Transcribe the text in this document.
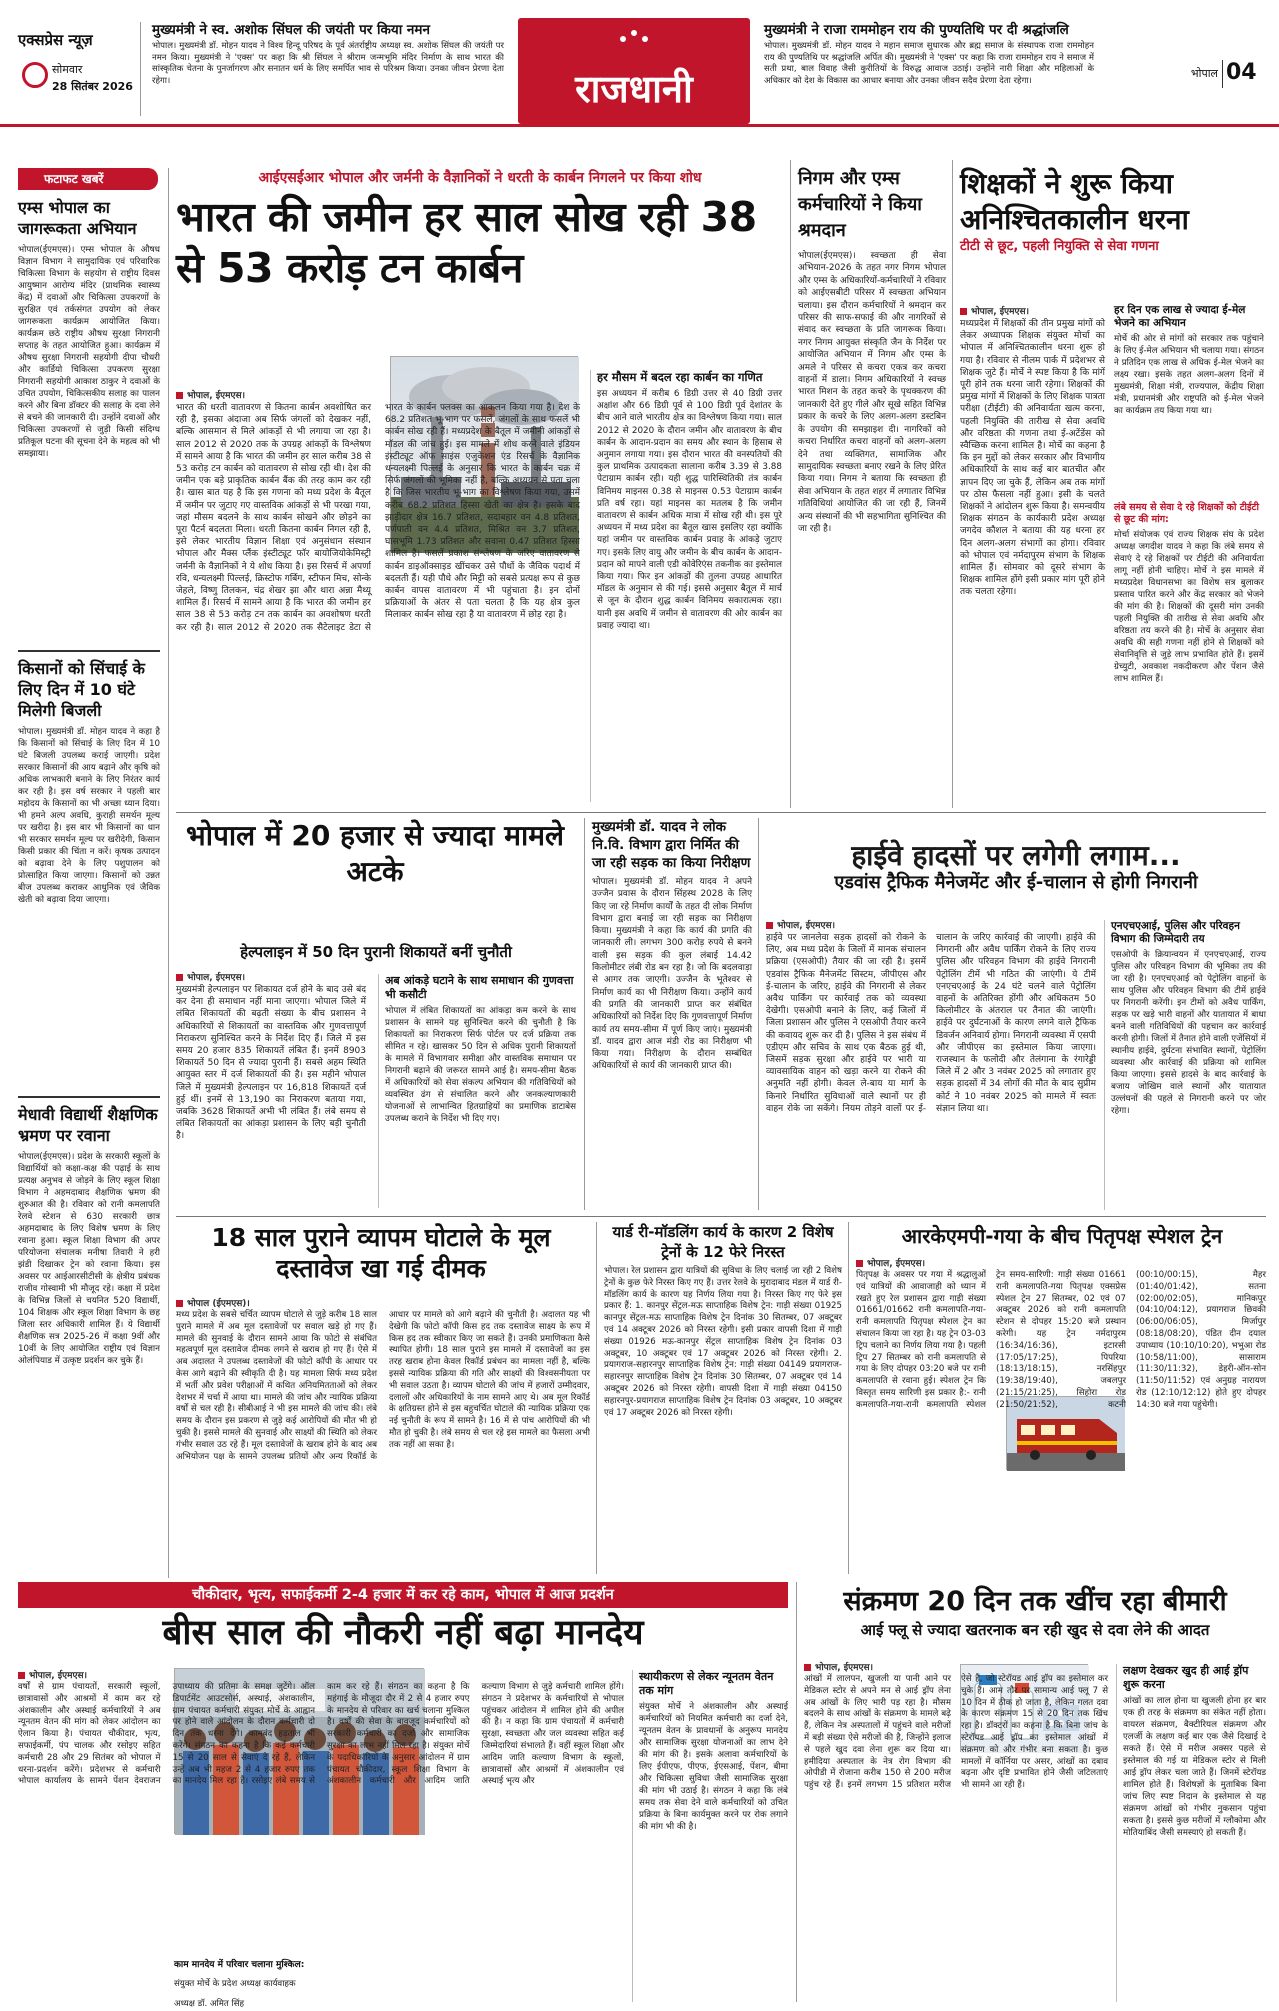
एक्सप्रेस न्यूज़
सोमवार
28 सितंबर 2026
मुख्यमंत्री ने स्व. अशोक सिंघल की जयंती पर किया नमन
भोपाल। मुख्यमंत्री डॉ. मोहन यादव ने विश्व हिन्दू परिषद के पूर्व अंतर्राष्ट्रीय अध्यक्ष स्व. अशोक सिंघल की जयंती पर नमन किया। मुख्यमंत्री ने 'एक्स' पर कहा कि श्री सिंघल ने श्रीराम जन्मभूमि मंदिर निर्माण के साथ भारत की सांस्कृतिक चेतना के पुनर्जागरण और सनातन धर्म के लिए समर्पित भाव से परिश्रम किया। उनका जीवन प्रेरणा देता रहेगा।	राजधानी
मुख्यमंत्री ने राजा राममोहन राय की पुण्यतिथि पर दी श्रद्धांजलि
भोपाल। मुख्यमंत्री डॉ. मोहन यादव ने महान समाज सुधारक और ब्रह्म समाज के संस्थापक राजा राममोहन राय की पुण्यतिथि पर श्रद्धांजलि अर्पित की। मुख्यमंत्री ने 'एक्स' पर कहा कि राजा राममोहन राय ने समाज में सती प्रथा, बाल विवाह जैसी कुरीतियों के विरुद्ध आवाज उठाई। उन्होंने नारी शिक्षा और महिलाओं के अधिकार को देश के विकास का आधार बनाया और उनका जीवन सदैव प्रेरणा देता रहेगा।
भोपाल 04
फटाफट खबरें
एम्स भोपाल का जागरूकता अभियान
भोपाल(ईएमएस)। एम्स भोपाल के औषध विज्ञान विभाग ने सामुदायिक एवं परिवारिक चिकित्सा विभाग के सहयोग से राष्ट्रीय दिवस आयुष्मान आरोग्य मंदिर (प्राथमिक स्वास्थ्य केंद्र) में दवाओं और चिकित्सा उपकरणों के सुरक्षित एवं तर्कसंगत उपयोग को लेकर जागरूकता कार्यक्रम आयोजित किया। कार्यक्रम छठे राष्ट्रीय औषध सुरक्षा निगरानी सप्ताह के तहत आयोजित हुआ। कार्यक्रम में औषध सुरक्षा निगरानी सहयोगी दीपा चौधरी और कार्डियो चिकित्सा उपकरण सुरक्षा निगरानी सहयोगी आकाश ठाकुर ने दवाओं के उचित उपयोग, चिकित्सकीय सलाह का पालन करने और बिना डॉक्टर की सलाह के दवा लेने से बचने की जानकारी दी। उन्होंने दवाओं और चिकित्सा उपकरणों से जुड़ी किसी संदिग्ध प्रतिकूल घटना की सूचना देने के महत्व को भी समझाया।
किसानों को सिंचाई के लिए दिन में 10 घंटे मिलेगी बिजली
भोपाल। मुख्यमंत्री डॉ. मोहन यादव ने कहा है कि किसानों को सिंचाई के लिए दिन में 10 घंटे बिजली उपलब्ध कराई जाएगी। प्रदेश सरकार किसानों की आय बढ़ाने और कृषि को अधिक लाभकारी बनाने के लिए निरंतर कार्य कर रही है। इस वर्ष सरकार ने पहली बार महोदय के किसानों का भी अच्छा ध्यान दिया। भी हमने अल्प अवधि, कुराही समर्थन मूल्य पर खरीदा है। इस बार भी किसानों का धान भी सरकार समर्थन मूल्य पर खरीदेगी, किसान किसी प्रकार की चिंता न करें। कृषक उत्पादन को बढ़ावा देने के लिए पशुपालन को प्रोत्साहित किया जाएगा। किसानों को उन्नत बीज उपलब्ध कराकर आधुनिक एवं जैविक खेती को बढ़ावा दिया जाएगा।
मेधावी विद्यार्थी शैक्षणिक भ्रमण पर रवाना
भोपाल(ईएमएस)। प्रदेश के सरकारी स्कूलों के विद्यार्थियों को कक्षा-कक्ष की पढ़ाई के साथ प्रत्यक्ष अनुभव से जोड़ने के लिए स्कूल शिक्षा विभाग ने अहमदाबाद शैक्षणिक भ्रमण की शुरुआत की है। रविवार को रानी कमलापति रेलवे स्टेशन से 630 सरकारी छात्र अहमदाबाद के लिए विशेष भ्रमण के लिए रवाना हुआ। स्कूल शिक्षा विभाग की अपर परियोजना संचालक मनीषा तिवारी ने हरी झंडी दिखाकर ट्रेन को रवाना किया। इस अवसर पर आईआरसीटीसी के क्षेत्रीय प्रबंधक राजीव गोस्वामी भी मौजूद रहे। कक्षा में प्रदेश के विभिन्न जिलों से चयनित 520 विद्यार्थी, 104 शिक्षक और स्कूल शिक्षा विभाग के छह जिला स्तर अधिकारी शामिल हैं। ये विद्यार्थी शैक्षणिक सत्र 2025-26 में कक्षा 9वीं और 10वीं के लिए आयोजित राष्ट्रीय एवं विज्ञान ओलंपियाड में उत्कृष्ट प्रदर्शन कर चुके हैं।
आईएसईआर भोपाल और जर्मनी के वैज्ञानिकों ने धरती के कार्बन निगलने पर किया शोध
भारत की जमीन हर साल सोख रही 38 से 53 करोड़ टन कार्बन
भोपाल, ईएमएस।
भारत की धरती वातावरण से कितना कार्बन अवशोषित कर रही है, इसका अंदाजा अब सिर्फ जंगलों को देखकर नहीं, बल्कि आसमान से मिले आंकड़ों से भी लगाया जा रहा है। साल 2012 से 2020 तक के उपग्रह आंकड़ों के विश्लेषण में सामने आया है कि भारत की जमीन हर साल करीब 38 से 53 करोड़ टन कार्बन को वातावरण से सोख रही थी। देश की जमीन एक बड़े प्राकृतिक कार्बन बैंक की तरह काम कर रही है। खास बात यह है कि इस गणना को मध्य प्रदेश के बैतूल में जमीन पर जुटाए गए वास्तविक आंकड़ों से भी परखा गया, जहां मौसम बदलने के साथ कार्बन सोखने और छोड़ने का पूरा पैटर्न बदलता मिला। धरती कितना कार्बन निगल रही है, इसे लेकर भारतीय विज्ञान शिक्षा एवं अनुसंधान संस्थान भोपाल और मैक्स प्लैंक इंस्टीट्यूट फॉर बायोजियोकेमिस्ट्री जर्मनी के वैज्ञानिकों ने ये शोध किया है। इस रिसर्च में अपर्णा रवि, धन्यलक्ष्मी पिल्लई, क्रिस्टोफ गर्बिग, स्टीफन मिच, सोन्के जेहले, विष्णु तिलकन, चंद्र शेखर झा और थारा अन्ना मैथ्यू शामिल हैं। रिसर्च में सामने आया है कि भारत की जमीन हर साल 38 से 53 करोड़ टन तक कार्बन का अवशोषण धरती कर रही है। साल 2012 से 2020 तक सैटेलाइट डेटा से भारत के कार्बन फ्लक्स का आकलन किया गया है। देश के 68.2 प्रतिशत भू-भाग पर फसलें, जंगलों के साथ फसलें भी कार्बन सोख रही हैं। मध्यप्रदेश के बैतूल में जमीनी आंकड़ों से मॉडल की जांच हुई। इस मामले में शोध करने वाले इंडियन इंस्टीट्यूट ऑफ साइंस एजुकेशन एंड रिसर्च के वैज्ञानिक धन्यलक्ष्मी पिल्लई के अनुसार कि भारत के कार्बन चक्र में सिर्फ जंगलों की भूमिका नहीं है, बल्कि अध्ययन से पता चला है कि जिस भारतीय भू-भाग का विश्लेषण किया गया, उसमें करीब 68.2 प्रतिशत हिस्सा खेती का क्षेत्र है। इसके बाद झाड़ीदार क्षेत्र 16.7 प्रतिशत, सदाबहार वन 4.8 प्रतिशत, पर्णपाती वन 4.4 प्रतिशत, मिश्रित वन 3.7 प्रतिशत, घासभूमि 1.73 प्रतिशत और सवाना 0.47 प्रतिशत हिस्सा शामिल है। फसलें प्रकाश संश्लेषण के जरिए वातावरण से कार्बन डाइऑक्साइड खींचकर उसे पौधों के जैविक पदार्थ में बदलती हैं। यही पौधे और मिट्टी को सबसे प्रत्यक्ष रूप से कुछ कार्बन वापस वातावरण में भी पहुंचाता है। इन दोनों प्रक्रियाओं के अंतर से पता चलता है कि यह क्षेत्र कुल मिलाकर कार्बन सोख रहा है या वातावरण में छोड़ रहा है।
हर मौसम में बदल रहा कार्बन का गणित
इस अध्ययन में करीब 6 डिग्री उत्तर से 40 डिग्री उत्तर अक्षांश और 66 डिग्री पूर्व से 100 डिग्री पूर्व देशांतर के बीच आने वाले भारतीय क्षेत्र का विश्लेषण किया गया। साल 2012 से 2020 के दौरान जमीन और वातावरण के बीच कार्बन के आदान-प्रदान का समय और स्थान के हिसाब से अनुमान लगाया गया। इस दौरान भारत की वनस्पतियों की कुल प्राथमिक उत्पादकता सालाना करीब 3.39 से 3.88 पेटाग्राम कार्बन रही। यही शुद्ध पारिस्थितिकी तंत्र कार्बन विनिमय माइनस 0.38 से माइनस 0.53 पेटाग्राम कार्बन प्रति वर्ष रहा। यहां माइनस का मतलब है कि जमीन वातावरण से कार्बन अधिक मात्रा में सोख रही थी। इस पूरे अध्ययन में मध्य प्रदेश का बैतूल खास इसलिए रहा क्योंकि यहां जमीन पर वास्तविक कार्बन प्रवाह के आंकड़े जुटाए गए। इसके लिए वायु और जमीन के बीच कार्बन के आदान-प्रदान को मापने वाली एडी कोवेरिएंस तकनीक का इस्तेमाल किया गया। फिर इन आंकड़ों की तुलना उपग्रह आधारित मॉडल के अनुमान से की गई। इससे अनुसार बैतूल में मार्च से जून के दौरान शुद्ध कार्बन विनिमय सकारात्मक रहा। यानी इस अवधि में जमीन से वातावरण की ओर कार्बन का प्रवाह ज्यादा था।
निगम और एम्स कर्मचारियों ने किया श्रमदान
भोपाल(ईएमएस)। स्वच्छता ही सेवा अभियान-2026 के तहत नगर निगम भोपाल और एम्स के अधिकारियों-कर्मचारियों ने रविवार को आईएसबीटी परिसर में स्वच्छता अभियान चलाया। इस दौरान कर्मचारियों ने श्रमदान कर परिसर की साफ-सफाई की और नागरिकों से संवाद कर स्वच्छता के प्रति जागरूक किया। नगर निगम आयुक्त संस्कृति जैन के निर्देश पर आयोजित अभियान में निगम और एम्स के अमले ने परिसर से कचरा एकत्र कर कचरा वाहनों में डाला। निगम अधिकारियों ने स्वच्छ भारत मिशन के तहत कचरे के पृथक्करण की जानकारी देते हुए गीले और सूखे सहित विभिन्न प्रकार के कचरे के लिए अलग-अलग डस्टबिन के उपयोग की समझाइश दी। नागरिकों को कचरा निर्धारित कचरा वाहनों को अलग-अलग देने तथा व्यक्तिगत, सामाजिक और सामुदायिक स्वच्छता बनाए रखने के लिए प्रेरित किया गया। निगम ने बताया कि स्वच्छता ही सेवा अभियान के तहत शहर में लगातार विभिन्न गतिविधियां आयोजित की जा रही हैं, जिनमें अन्य संस्थानों की भी सहभागिता सुनिश्चित की जा रही है।
शिक्षकों ने शुरू किया अनिश्चितकालीन धरना
टीटी से छूट, पहली नियुक्ति से सेवा गणना
भोपाल, ईएमएस।
मध्यप्रदेश में शिक्षकों की तीन प्रमुख मांगों को लेकर अध्यापक शिक्षक संयुक्त मोर्चा का भोपाल में अनिश्चितकालीन धरना शुरू हो गया है। रविवार से नीलम पार्क में प्रदेशभर से शिक्षक जुटे हैं। मोर्चे ने स्पष्ट किया है कि मांगें पूरी होने तक धरना जारी रहेगा। शिक्षकों की प्रमुख मांगों में शिक्षकों के लिए शिक्षक पात्रता परीक्षा (टीईटी) की अनिवार्यता खत्म करना, पहली नियुक्ति की तारीख से सेवा अवधि और वरिष्ठता की गणना तथा ई-अटेंडेंस को स्वैच्छिक करना शामिल है। मोर्चे का कहना है कि इन मुद्दों को लेकर सरकार और विभागीय अधिकारियों के साथ कई बार बातचीत और ज्ञापन दिए जा चुके हैं, लेकिन अब तक मांगों पर ठोस फैसला नहीं हुआ। इसी के चलते शिक्षकों ने आंदोलन शुरू किया है। समन्वयीय शिक्षक संगठन के कार्यकारी प्रदेश अध्यक्ष जगदेव कौशल ने बताया की यह धरना हर दिन अलग-अलग संभागों का होगा। रविवार को भोपाल एवं नर्मदापुरम संभाग के शिक्षक शामिल हैं। सोमवार को दूसरे संभाग के शिक्षक शामिल होंगे इसी प्रकार मांग पूरी होने तक चलता रहेगा।
हर दिन एक लाख से ज्यादा ई-मेल भेजने का अभियान
मोर्चे की ओर से मांगों को सरकार तक पहुंचाने के लिए ई-मेल अभियान भी चलाया गया। संगठन ने प्रतिदिन एक लाख से अधिक ई-मेल भेजने का लक्ष्य रखा। इसके तहत अलग-अलग दिनों में मुख्यमंत्री, शिक्षा मंत्री, राज्यपाल, केंद्रीय शिक्षा मंत्री, प्रधानमंत्री और राष्ट्रपति को ई-मेल भेजने का कार्यक्रम तय किया गया था।
लंबे समय से सेवा दे रहे शिक्षकों को टीईटी से छूट की मांग:
मोर्चा संयोजक एवं राज्य शिक्षक संघ के प्रदेश अध्यक्ष जगदीश यादव ने कहा कि लंबे समय से सेवाएं दे रहे शिक्षकों पर टीईटी की अनिवार्यता लागू नहीं होनी चाहिए। मोर्चे ने इस मामले में मध्यप्रदेश विधानसभा का विशेष सत्र बुलाकर प्रस्ताव पारित करने और केंद्र सरकार को भेजने की मांग की है। शिक्षकों की दूसरी मांग उनकी पहली नियुक्ति की तारीख से सेवा अवधि और वरिष्ठता तय करने की है। मोर्चे के अनुसार सेवा अवधि की सही गणना नहीं होने से शिक्षकों को सेवानिवृत्ति से जुड़े लाभ प्रभावित होते हैं। इसमें ग्रेच्युटी, अवकाश नकदीकरण और पेंशन जैसे लाभ शामिल हैं।
भोपाल में 20 हजार से ज्यादा मामले अटके
हेल्पलाइन में 50 दिन पुरानी शिकायतें बनीं चुनौती
भोपाल, ईएमएस।
मुख्यमंत्री हेल्पलाइन पर शिकायत दर्ज होने के बाद उसे बंद कर देना ही समाधान नहीं माना जाएगा। भोपाल जिले में लंबित शिकायतों की बढ़ती संख्या के बीच प्रशासन ने अधिकारियों से शिकायतों का वास्तविक और गुणवत्तापूर्ण निराकरण सुनिश्चित करने के निर्देश दिए हैं। जिले में इस समय 20 हजार 835 शिकायतें लंबित हैं। इनमें 8903 शिकायतें 50 दिन से ज्यादा पुरानी हैं। सबसे अहम स्थिति आयुक्त स्तर में दर्ज शिकायतों की है। इस महीने भोपाल जिले में मुख्यमंत्री हेल्पलाइन पर 16,818 शिकायतें दर्ज हुई थीं। इनमें से 13,190 का निराकरण बताया गया, जबकि 3628 शिकायतें अभी भी लंबित हैं। लंबे समय से लंबित शिकायतों का आंकड़ा प्रशासन के लिए बड़ी चुनौती है।
अब आंकड़े घटाने के साथ समाधान की गुणवत्ता भी कसौटी
भोपाल में लंबित शिकायतों का आंकड़ा कम करने के साथ प्रशासन के सामने यह सुनिश्चित करने की चुनौती है कि शिकायतों का निराकरण सिर्फ पोर्टल पर दर्ज प्रक्रिया तक सीमित न रहे। खासकर 50 दिन से अधिक पुरानी शिकायतों के मामले में विभागवार समीक्षा और वास्तविक समाधान पर निगरानी बढ़ाने की जरूरत सामने आई है। समय-सीमा बैठक में अधिकारियों को सेवा संकल्प अभियान की गतिविधियों को व्यवस्थित ढंग से संचालित करने और जनकल्याणकारी योजनाओं से लाभान्वित हितग्राहियों का प्रमाणिक डाटाबेस उपलब्ध कराने के निर्देश भी दिए गए।
मुख्यमंत्री डॉ. यादव ने लोक नि.वि. विभाग द्वारा निर्मित की जा रही सड़क का किया निरीक्षण
भोपाल। मुख्यमंत्री डॉ. मोहन यादव ने अपने उज्जैन प्रवास के दौरान सिंहस्थ 2028 के लिए किए जा रहे निर्माण कार्यों के तहत दी लोक निर्माण विभाग द्वारा बनाई जा रही सड़क का निरीक्षण किया। मुख्यमंत्री ने कहा कि कार्य की प्रगति की जानकारी ली। लगभग 300 करोड़ रुपये से बनने वाली इस सड़क की कुल लंबाई 14.42 किलोमीटर लंबी रोड बन रहा है। जो कि बदलवाड़ा से आगर तक जाएगी। उज्जैन के भूतेश्वर से निर्माण कार्य का भी निरीक्षण किया। उन्होंने कार्य की प्रगति की जानकारी प्राप्त कर संबंधित अधिकारियों को निर्देश दिए कि गुणवत्तापूर्ण निर्माण कार्य तय समय-सीमा में पूर्ण किए जाएं। मुख्यमंत्री डॉ. यादव द्वारा आज मंडी रोड का निरीक्षण भी किया गया। निरीक्षण के दौरान सम्बंधित अधिकारियों से कार्य की जानकारी प्राप्त की।
हाईवे हादसों पर लगेगी लगाम...
एडवांस ट्रैफिक मैनेजमेंट और ई-चालान से होगी निगरानी
भोपाल, ईएमएस।
हाईवे पर जानलेवा सड़क हादसों को रोकने के लिए, अब मध्य प्रदेश के जिलों में मानक संचालन प्रक्रिया (एसओपी) तैयार की जा रही है। इसमें एडवांस ट्रैफिक मैनेजमेंट सिस्टम, जीपीएस और ई-चालान के जरिए, हाईवे की निगरानी से लेकर अवैध पार्किंग पर कार्रवाई तक को व्यवस्था देखेगी। एसओपी बनाने के लिए, कई जिलों में जिला प्रशासन और पुलिस ने एसओपी तैयार करने की कवायद शुरू कर दी है। पुलिस ने इस संबंध में एडीएम और सचिव के साथ एक बैठक हुई थी, जिसमें सड़क सुरक्षा और हाईवे पर भारी या व्यावसायिक वाहन को खड़ा करने या रोकने की अनुमति नहीं होगी। केवल ले-बाय या मार्ग के किनारे निर्धारित सुविधाओं वाले स्थानों पर ही वाहन रोके जा सकेंगे। नियम तोड़ने वालों पर ई-चालान के जरिए कार्रवाई की जाएगी। हाईवे की निगरानी और अवैध पार्किंग रोकने के लिए राज्य पुलिस और परिवहन विभाग की हाईवे निगरानी पेट्रोलिंग टीमें भी गठित की जाएंगी। ये टीमें एनएचएआई के 24 घंटे चलने वाले पेट्रोलिंग वाहनों के अतिरिक्त होंगी और अधिकतम 50 किलोमीटर के अंतराल पर तैनात की जाएंगी। हाईवे पर दुर्घटनाओं के कारण लगने वाले ट्रैफिक डिवर्जन अनिवार्य होगा। निगरानी व्यवस्था में एसपी और जीपीएस का इस्तेमाल किया जाएगा। राजस्थान के फलोदी और तेलंगाना के रंगारेड्डी जिले में 2 और 3 नवंबर 2025 को लगातार हुए सड़क हादसों में 34 लोगों की मौत के बाद सुप्रीम कोर्ट ने 10 नवंबर 2025 को मामले में स्वतः संज्ञान लिया था।
एनएचएआई, पुलिस और परिवहन विभाग की जिम्मेदारी तय
एसओपी के क्रियान्वयन में एनएचएआई, राज्य पुलिस और परिवहन विभाग की भूमिका तय की जा रही है। एनएचएआई को पेट्रोलिंग वाहनों के साथ पुलिस और परिवहन विभाग की टीमें हाईवे पर निगरानी करेंगी। इन टीमों को अवैध पार्किंग, सड़क पर खड़े भारी वाहनों और यातायात में बाधा बनने वाली गतिविधियों की पहचान कर कार्रवाई करनी होगी। जिलों में तैनात होने वाली एजेंसियों में स्थानीय हाईवे, दुर्घटना संभावित स्थानों, पेट्रोलिंग व्यवस्था और कार्रवाई की प्रक्रिया को शामिल किया जाएगा। इससे हादसे के बाद कार्रवाई के बजाय जोखिम वाले स्थानों और यातायात उल्लंघनों की पहले से निगरानी करने पर जोर रहेगा।
18 साल पुराने व्यापम घोटाले के मूल दस्तावेज खा गई दीमक
भोपाल (ईएमएस)।
मध्य प्रदेश के सबसे चर्चित व्यापम घोटाले से जुड़े करीब 18 साल पुराने मामले में अब मूल दस्तावेजों पर सवाल खड़े हो गए हैं। मामले की सुनवाई के दौरान सामने आया कि फोटो से संबंधित महत्वपूर्ण मूल दस्तावेज दीमक लगने से खराब हो गए हैं। ऐसे में अब अदालत ने उपलब्ध दस्तावेजों की फोटो कॉपी के आधार पर केस आगे बढ़ाने की स्वीकृति दी है। यह मामला सिर्फ मध्य प्रदेश में भर्ती और प्रवेश परीक्षाओं में कथित अनियमितताओं को लेकर देशभर में चर्चा में आया था। मामले की जांच और न्यायिक प्रक्रिया वर्षों से चल रही है। सीबीआई ने भी इस मामले की जांच की। लंबे समय के दौरान इस प्रकरण से जुड़े कई आरोपियों की मौत भी हो चुकी है। इससे मामले की सुनवाई और साक्ष्यों की स्थिति को लेकर गंभीर सवाल उठ रहे हैं। मूल दस्तावेजों के खराब होने के बाद अब अभियोजन पक्ष के सामने उपलब्ध प्रतियों और अन्य रिकॉर्ड के आधार पर मामले को आगे बढ़ाने की चुनौती है। अदालत यह भी देखेगी कि फोटो कॉपी किस हद तक दस्तावेज साक्ष्य के रूप में किस हद तक स्वीकार किए जा सकते हैं। उनकी प्रमाणिकता कैसे स्थापित होगी। 18 साल पुराने इस मामले में दस्तावेजों का इस तरह खराब होना केवल रिकॉर्ड प्रबंधन का मामला नहीं है, बल्कि इससे न्यायिक प्रक्रिया की गति और साक्ष्यों की विश्वसनीयता पर भी सवाल उठता है। व्यापम घोटाले की जांच में हजारों उम्मीदवार, दलालों और अधिकारियों के नाम सामने आए थे। अब मूल रिकॉर्ड के क्षतिग्रस्त होने से इस बहुचर्चित घोटाले की न्यायिक प्रक्रिया एक नई चुनौती के रूप में सामने है। 16 में से पांच आरोपियों की भी मौत हो चुकी है। लंबे समय से चल रहे इस मामले का फैसला अभी तक नहीं आ सका है।
यार्ड री-मॉडलिंग कार्य के कारण 2 विशेष ट्रेनों के 12 फेरे निरस्त
भोपाल। रेल प्रशासन द्वारा यात्रियों की सुविधा के लिए चलाई जा रही 2 विशेष ट्रेनों के कुछ फेरे निरस्त किए गए हैं। उत्तर रेलवे के मुरादाबाद मंडल में यार्ड री-मॉडलिंग कार्य के कारण यह निर्णय लिया गया है। निरस्त किए गए फेरे इस प्रकार हैं: 1. कानपुर सेंट्रल-मऊ साप्ताहिक विशेष ट्रेन: गाड़ी संख्या 01925 कानपुर सेंट्रल-मऊ साप्ताहिक विशेष ट्रेन दिनांक 30 सितम्बर, 07 अक्टूबर एवं 14 अक्टूबर 2026 को निरस्त रहेगी। इसी प्रकार वापसी दिशा में गाड़ी संख्या 01926 मऊ-कानपुर सेंट्रल साप्ताहिक विशेष ट्रेन दिनांक 03 अक्टूबर, 10 अक्टूबर एवं 17 अक्टूबर 2026 को निरस्त रहेगी। 2. प्रयागराज-सहारनपुर साप्ताहिक विशेष ट्रेन: गाड़ी संख्या 04149 प्रयागराज-सहारनपुर साप्ताहिक विशेष ट्रेन दिनांक 30 सितम्बर, 07 अक्टूबर एवं 14 अक्टूबर 2026 को निरस्त रहेगी। वापसी दिशा में गाड़ी संख्या 04150 सहारनपुर-प्रयागराज साप्ताहिक विशेष ट्रेन दिनांक 03 अक्टूबर, 10 अक्टूबर एवं 17 अक्टूबर 2026 को निरस्त रहेगी।
आरकेएमपी-गया के बीच पितृपक्ष स्पेशल ट्रेन
भोपाल, ईएमएस।
पितृपक्ष के अवसर पर गया में श्रद्धालुओं एवं यात्रियों की आवाजाही को ध्यान में रखते हुए रेल प्रशासन द्वारा गाड़ी संख्या 01661/01662 रानी कमलापति-गया-रानी कमलापति पितृपक्ष स्पेशल ट्रेन का संचालन किया जा रहा है। यह ट्रेन 03-03 ट्रिप चलाने का निर्णय लिया गया है। पहली ट्रिप 27 सितम्बर को रानी कमलापति से गया के लिए दोपहर 03:20 बजे पर रानी कमलापति से रवाना हुई। स्पेशल ट्रेन कि विस्तृत समय सारिणी इस प्रकार है:- रानी कमलापति-गया-रानी कमलापति स्पेशल ट्रेन समय-सारिणी: गाड़ी संख्या 01661 रानी कमलापति-गया पितृपक्ष एक्सप्रेस स्पेशल ट्रेन 27 सितम्बर, 02 एवं 07 अक्टूबर 2026 को रानी कमलापति स्टेशन से दोपहर 15:20 बजे प्रस्थान करेगी। यह ट्रेन नर्मदापुरम (16:34/16:36), इटारसी (17:05/17:25), पिपरिया (18:13/18:15), नरसिंहपुर (19:38/19:40), जबलपुर (21:15/21:25), सिहोरा रोड (21:50/21:52), कटनी (00:10/00:15), मैहर (01:40/01:42), सतना (02:00/02:05), मानिकपुर (04:10/04:12), प्रयागराज छिवकी (06:00/06:05), मिर्जापुर (08:18/08:20), पंडित दीन दयाल उपाध्याय (10:10/10:20), भभुआ रोड (10:58/11:00), सासाराम (11:30/11:32), डेहरी-ऑन-सोन (11:50/11:52) एवं अनुग्रह नारायण रोड (12:10/12:12) होते हुए दोपहर 14:30 बजे गया पहुंचेगी।
चौकीदार, भृत्य, सफाईकर्मी 2-4 हजार में कर रहे काम, भोपाल में आज प्रदर्शन
बीस साल की नौकरी नहीं बढ़ा मानदेय
भोपाल, ईएमएस।
वर्षों से ग्राम पंचायतों, सरकारी स्कूलों, छात्रावासों और आश्रमों में काम कर रहे अंशकालीन और अस्थाई कर्मचारियों ने अब न्यूनतम वेतन की मांग को लेकर आंदोलन का ऐलान किया है। पंचायत चौकीदार, भृत्य, सफाईकर्मी, पंप चालक और रसोइए सहित कर्मचारी 28 और 29 सितंबर को भोपाल में धरना-प्रदर्शन करेंगे। प्रदेशभर से कर्मचारी भोपाल कार्यालय के सामने पेंशन देवराजन उपाध्याय की प्रतिमा के समक्ष जुटेंगे। ऑल डिपार्टमेंट आउटसोर्स, अस्थाई, अंशकालीन, ग्राम पंचायत कर्मचारी संयुक्त मोर्चे के आह्वान पर होने वाले आंदोलन के दौरान कर्मचारी दो दिन तक धरना देंगे। कामबंद हड़ताल भी करेंगे। संगठन का कहना है कि कई कर्मचारी 15 से 20 साल से सेवाएं दे रहे हैं, लेकिन उन्हें अब भी महज 2 से 4 हजार रुपए तक का मानदेय मिल रहा है। रसोइए लंबे समय से काम कर रहे हैं। संगठन का कहना है कि महंगाई के मौजूदा दौर में 2 से 4 हजार रुपए के मानदेय से परिवार का खर्च चलाना मुश्किल है। वर्षों की सेवा के बावजूद कर्मचारियों को सरकारी कर्मचारी का दर्जा और सामाजिक सुरक्षा का लाभ नहीं मिल रहा है। संयुक्त मोर्चे के पदाधिकारियों के अनुसार आंदोलन में ग्राम पंचायत चौकीदार, स्कूल शिक्षा विभाग के अंशकालीन कर्मचारी और आदिम जाति कल्याण विभाग से जुड़े कर्मचारी शामिल होंगे। संगठन ने प्रदेशभर के कर्मचारियों से भोपाल पहुंचकर आंदोलन में शामिल होने की अपील की है। न कहा कि ग्राम पंचायतों में कर्मचारी सुरक्षा, स्वच्छता और जल व्यवस्था सहित कई जिम्मेदारियां संभालते हैं। वहीं स्कूल शिक्षा और आदिम जाति कल्याण विभाग के स्कूलों, छात्रावासों और आश्रमों में अंशकालीन एवं अस्थाई भृत्य और
काम मानदेय में परिवार चलाना मुश्किल: संयुक्त मोर्चे के प्रदेश अध्यक्ष कार्यवाहक अध्यक्ष डॉ. अमित सिंह
स्थायीकरण से लेकर न्यूनतम वेतन तक मांग
संयुक्त मोर्चे ने अंशकालीन और अस्थाई कर्मचारियों को नियमित कर्मचारी का दर्जा देने, न्यूनतम वेतन के प्रावधानों के अनुरूप मानदेय और सामाजिक सुरक्षा योजनाओं का लाभ देने की मांग की है। इसके अलावा कर्मचारियों के लिए ईपीएफ, पीएफ, ईएसआई, पेंशन, बीमा और चिकित्सा सुविधा जैसी सामाजिक सुरक्षा की मांग भी उठाई है। संगठन ने कहा कि लंबे समय तक सेवा देने वाले कर्मचारियों को उचित प्रक्रिया के बिना कार्यमुक्त करने पर रोक लगाने की मांग भी की है।
संक्रमण 20 दिन तक खींच रहा बीमारी
आई फ्लू से ज्यादा खतरनाक बन रही खुद से दवा लेने की आदत
भोपाल, ईएमएस।
आंखों में लालपन, खुजली या पानी आने पर मेडिकल स्टोर से अपने मन से आई ड्रॉप लेना अब आंखों के लिए भारी पड़ रहा है। मौसम बदलने के साथ आंखों के संक्रमण के मामले बढ़े हैं, लेकिन नेत्र अस्पतालों में पहुंचने वाले मरीजों में बड़ी संख्या ऐसे मरीजों की है, जिन्होंने इलाज से पहले खुद दवा लेना शुरू कर दिया था। हमीदिया अस्पताल के नेत्र रोग विभाग की ओपीडी में रोजाना करीब 150 से 200 मरीज पहुंच रहे हैं। इनमें लगभग 15 प्रतिशत मरीज ऐसे हैं, जो स्टेरॉयड आई ड्रॉप का इस्तेमाल कर चुके हैं। आम तौर पर सामान्य आई फ्लू 7 से 10 दिन में ठीक हो जाता है, लेकिन गलत दवा के कारण संक्रमण 15 से 20 दिन तक खिंच रहा है। डॉक्टरों का कहना है कि बिना जांच के स्टेरॉयड आई ड्रॉप का इस्तेमाल आंखों में संक्रमण को और गंभीर बना सकता है। कुछ मामलों में कॉर्निया पर असर, आंखों का दबाव बढ़ना और दृष्टि प्रभावित होने जैसी जटिलताएं भी सामने आ रही हैं।
लक्षण देखकर खुद ही आई ड्रॉप शुरू करना
आंखों का लाल होना या खुजली होना हर बार एक ही तरह के संक्रमण का संकेत नहीं होता। वायरल संक्रमण, बैक्टीरियल संक्रमण और एलर्जी के लक्षण कई बार एक जैसे दिखाई दे सकते हैं। ऐसे में मरीज अक्सर पहले से इस्तेमाल की गई या मेडिकल स्टोर से मिली आई ड्रॉप लेकर चला जाते हैं। जिनमें स्टेरॉयड शामिल होते हैं। विशेषज्ञों के मुताबिक बिना जांच लिए स्पष्ट निदान के इस्तेमाल से यह संक्रमण आंखों को गंभीर नुकसान पहुंचा सकता है। इससे कुछ मरीजों में ग्लौकोमा और मोतियाबिंद जैसी समस्याएं हो सकती हैं।
